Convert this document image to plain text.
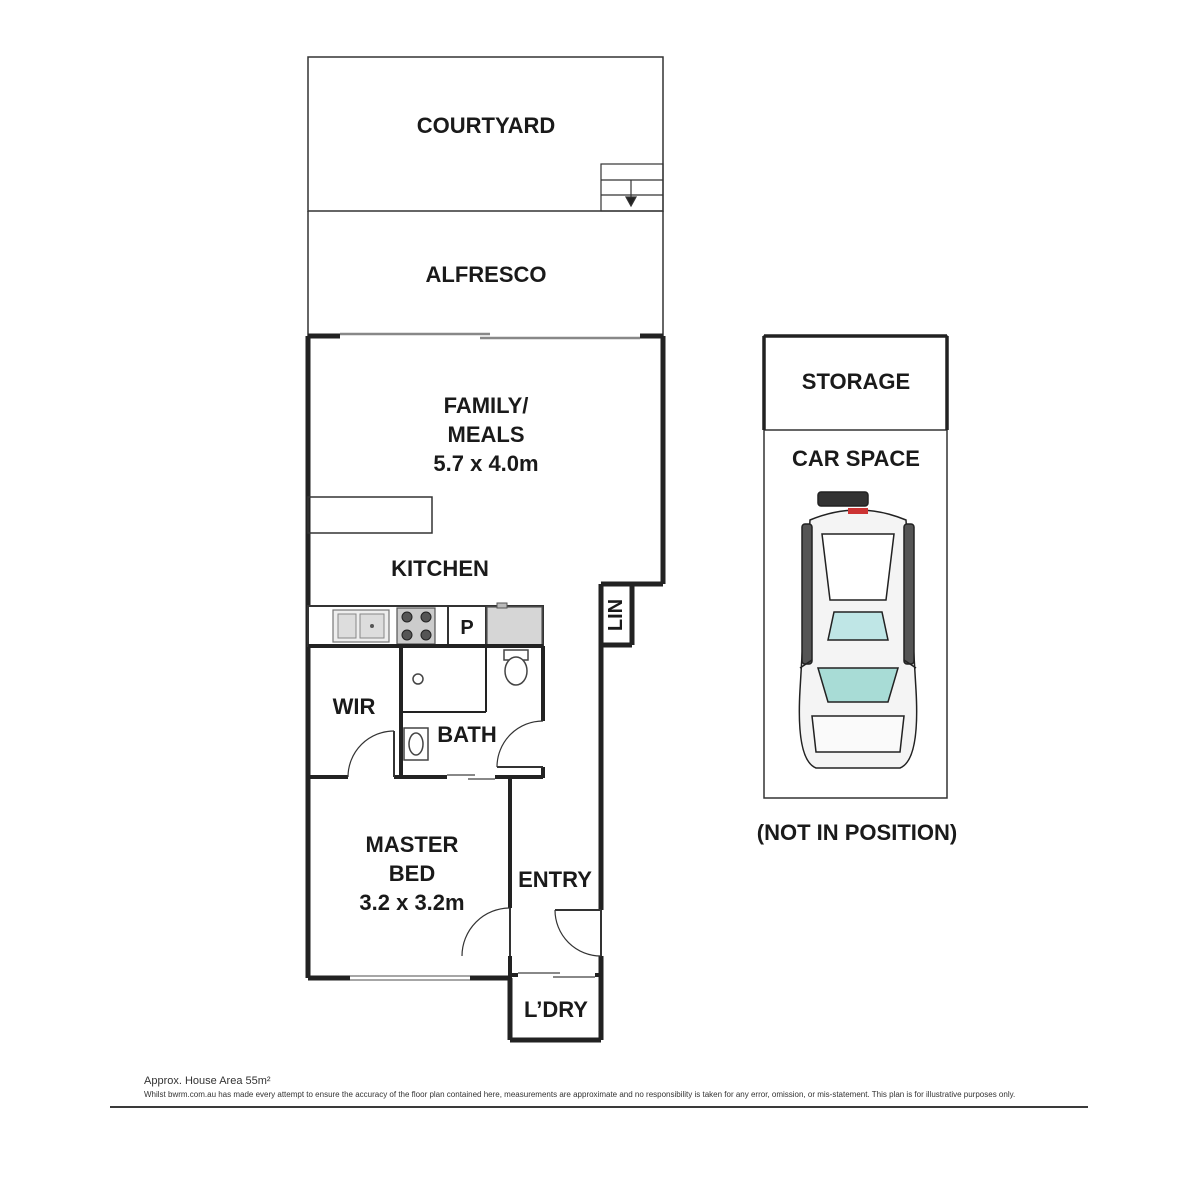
COURTYARD
ALFRESCO
FAMILY/
MEALS
5.7 x 4.0m
KITCHEN
P	LIN
WIR
BATH
MASTER
BED
3.2 x 3.2m
ENTRY
L’DRY
STORAGE
CAR SPACE
(NOT IN POSITION)
Approx. House Area 55m²
Whilst bwrm.com.au has made every attempt to ensure the accuracy of the floor plan contained here, measurements are approximate and no responsibility is taken for any error, omission, or mis-statement. This plan is for illustrative purposes only.
